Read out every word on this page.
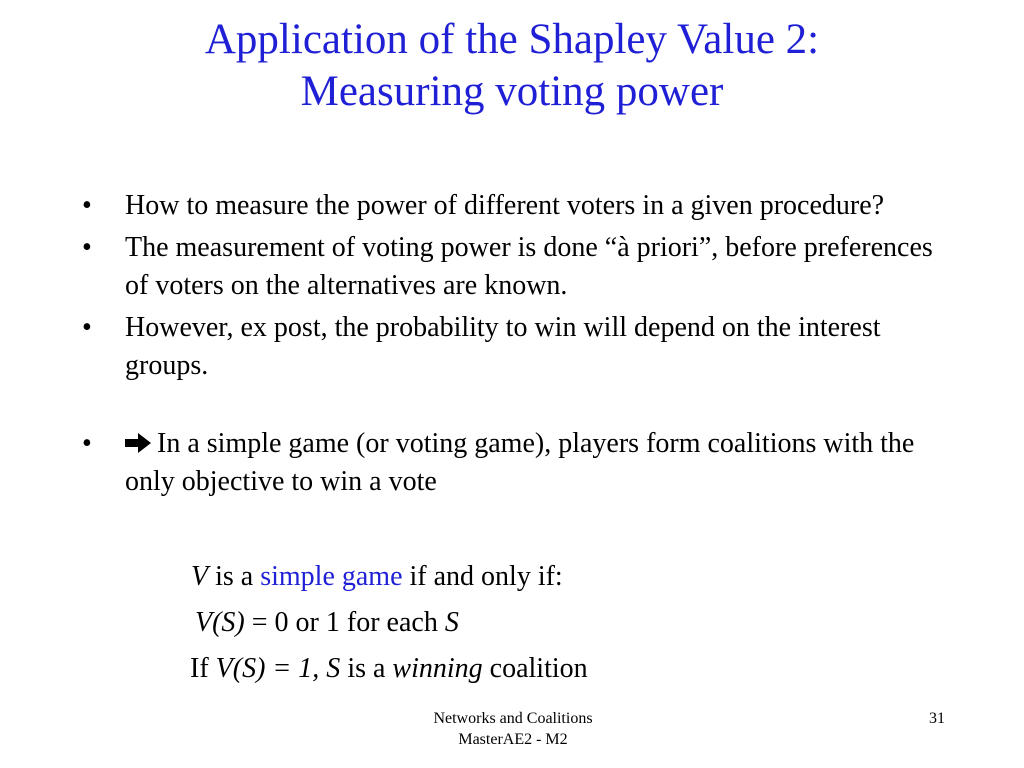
Application of the Shapley Value 2:
Measuring voting power
•	How to measure the power of different voters in a given procedure?
•	The measurement of voting power is done “à priori”, before preferences of voters on the alternatives are known.
•	However, ex post, the probability to win will depend on the interest groups.
•	In a simple game (or voting game), players form coalitions with the only objective to win a vote
V is a simple game if and only if:
V(S) = 0 or 1 for each S
If V(S) = 1, S is a winning coalition
Networks and Coalitions
MasterAE2 - M2
31
